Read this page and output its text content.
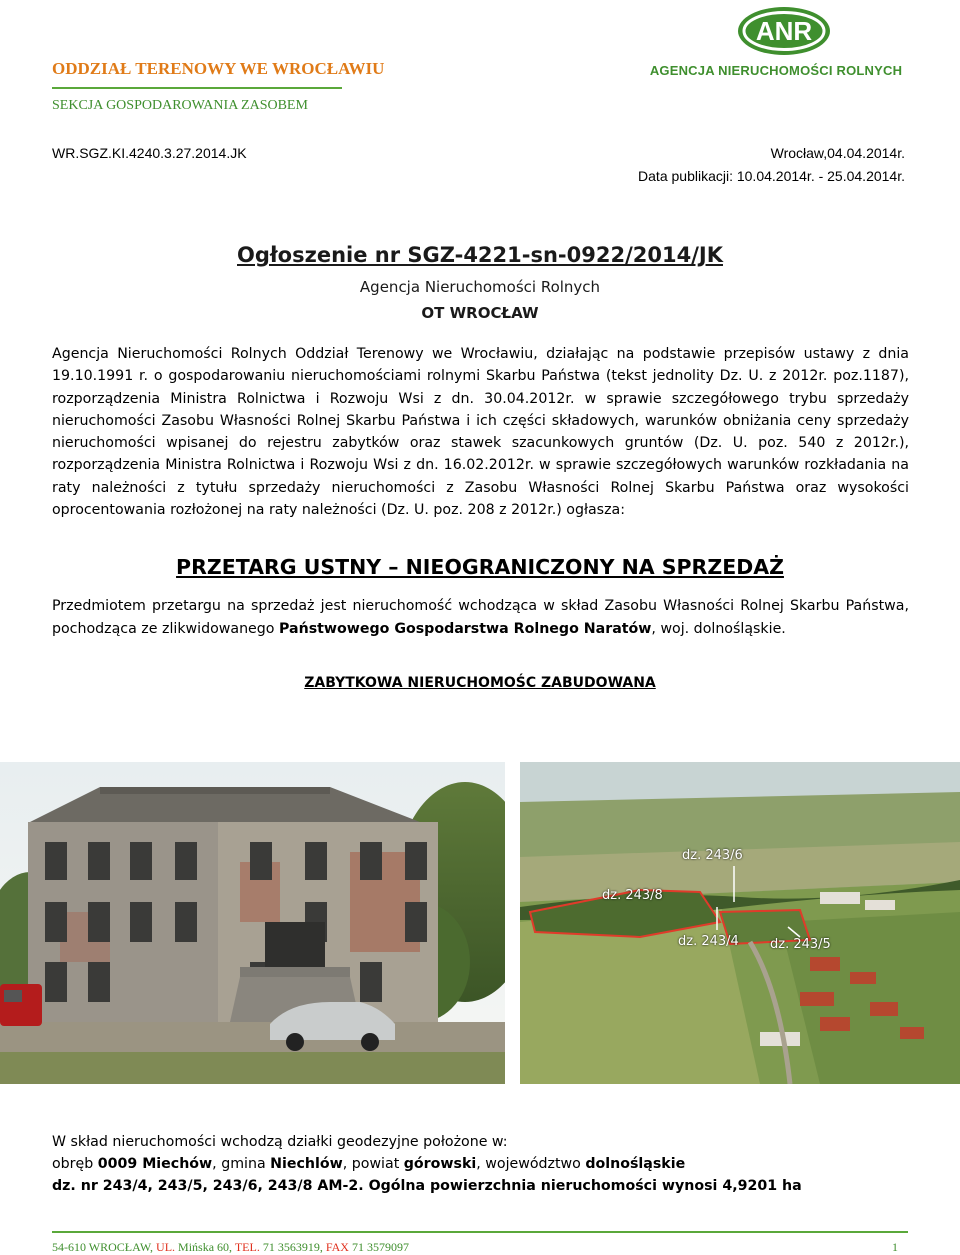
ODDZIAŁ TERENOWY WE WROCŁAWIU
SEKCJA GOSPODAROWANIA ZASOBEM
ANR
AGENCJA NIERUCHOMOŚCI ROLNYCH
WR.SGZ.KI.4240.3.27.2014.JK	Wrocław,04.04.2014r.
Data publikacji: 10.04.2014r. - 25.04.2014r.
Ogłoszenie nr SGZ-4221-sn-0922/2014/JK
Agencja Nieruchomości Rolnych
OT WROCŁAW
Agencja Nieruchomości Rolnych Oddział Terenowy we Wrocławiu, działając na podstawie przepisów ustawy z dnia 19.10.1991 r. o gospodarowaniu nieruchomościami rolnymi Skarbu Państwa (tekst jednolity Dz. U. z 2012r. poz.1187), rozporządzenia Ministra Rolnictwa i Rozwoju Wsi z dn. 30.04.2012r. w sprawie szczegółowego trybu sprzedaży nieruchomości Zasobu Własności Rolnej Skarbu Państwa i ich części składowych, warunków obniżania ceny sprzedaży nieruchomości wpisanej do rejestru zabytków oraz stawek szacunkowych gruntów (Dz. U. poz. 540 z 2012r.), rozporządzenia Ministra Rolnictwa i Rozwoju Wsi z dn. 16.02.2012r. w sprawie szczegółowych warunków rozkładania na raty należności z tytułu sprzedaży nieruchomości z Zasobu Własności Rolnej Skarbu Państwa oraz wysokości oprocentowania rozłożonej na raty należności (Dz. U. poz. 208 z 2012r.) ogłasza:
PRZETARG USTNY – NIEOGRANICZONY NA SPRZEDAŻ
Przedmiotem przetargu na sprzedaż jest nieruchomość wchodząca w skład Zasobu Własności Rolnej Skarbu Państwa, pochodząca ze zlikwidowanego Państwowego Gospodarstwa Rolnego Naratów, woj. dolnośląskie.
ZABYTKOWA NIERUCHOMOŚC ZABUDOWANA
dz. 243/6
dz. 243/8
dz. 243/4 dz. 243/5
W skład nieruchomości wchodzą działki geodezyjne położone w:
obręb 0009 Miechów, gmina Niechlów, powiat górowski, województwo dolnośląskie
dz. nr 243/4, 243/5, 243/6, 243/8 AM-2. Ogólna powierzchnia nieruchomości wynosi 4,9201 ha
54-610 WROCŁAW, UL. Mińska 60, TEL. 71 3563919, FAX 71 3579097	1
